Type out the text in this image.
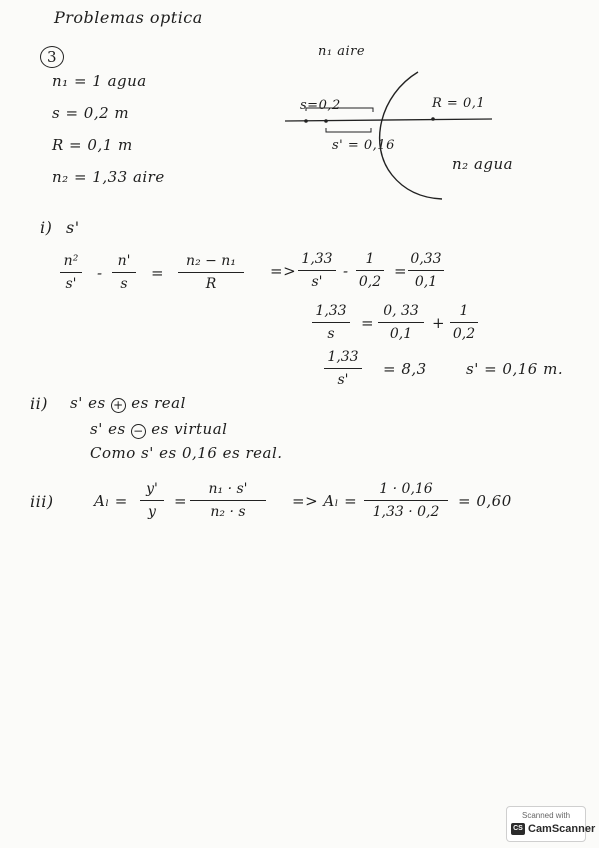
Problemas optica
3
n₁ = 1 agua
s = 0,2 m
R = 0,1 m
n₂ = 1,33 aire
n₁ aire
s=0,2	R = 0,1
s' = 0,16
n₂ agua
i) s'
n²
s'
-
n'
s
=
n₂ − n₁
R
=>
1,33
s'
-
1
0,2
=
0,33
0,1
1,33
s
=
0, 33
0,1
+
1
0,2
1,33
s'
= 8,3	s' = 0,16 m.
ii) s' es + es real
s' es − es virtual
Como s' es 0,16 es real.
iii)	Aₗ =
y'
y
=
n₁ · s'
n₂ · s
=> Aₗ =
1 · 0,16
1,33 · 0,2
= 0,60
Scanned with
CS CamScanner
